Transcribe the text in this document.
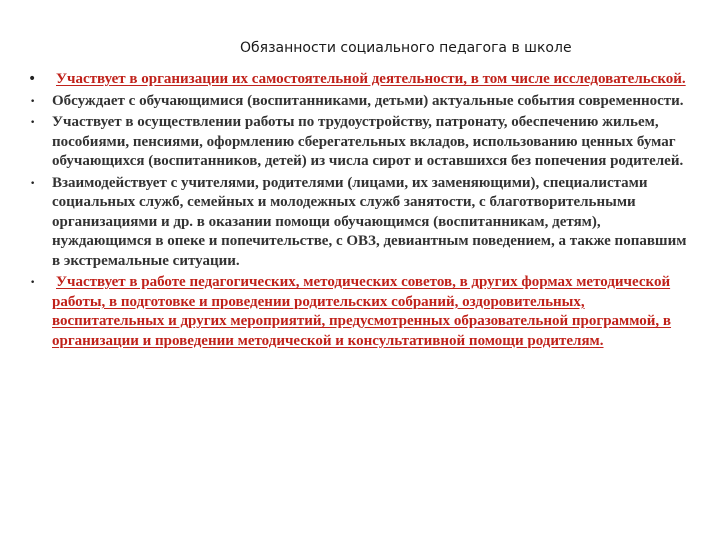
Обязанности социального педагога в школе
• Участвует в организации их самостоятельной деятельности, в том числе исследовательской.
• Обсуждает с обучающимися (воспитанниками, детьми) актуальные события современности.
• Участвует в осуществлении работы по трудоустройству, патронату, обеспечению жильем, пособиями, пенсиями, оформлению сберегательных вкладов, использованию ценных бумаг обучающихся (воспитанников, детей) из числа сирот и оставшихся без попечения родителей.
• Взаимодействует с учителями, родителями (лицами, их заменяющими), специалистами социальных служб, семейных и молодежных служб занятости, с благотворительными организациями и др. в оказании помощи обучающимся (воспитанникам, детям), нуждающимся в опеке и попечительстве, с ОВЗ, девиантным поведением, а также попавшим в экстремальные ситуации.
• Участвует в работе педагогических, методических советов, в других формах методической работы, в подготовке и проведении родительских собраний, оздоровительных, воспитательных и других мероприятий, предусмотренных образовательной программой, в организации и проведении методической и консультативной помощи родителям.
